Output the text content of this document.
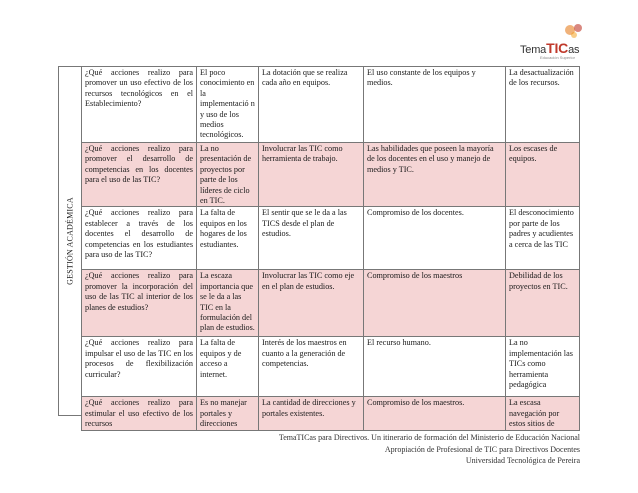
TemaTICas
Educación Superior
GESTIÓN ACADÉMICA
¿Qué acciones realizo para promover un uso efectivo de los recursos tecnológicos en el Establecimiento?	El poco conocimiento en la implementació n y uso de los medios tecnológicos.	La dotación que se realiza cada año en equipos.	El uso constante de los equipos y medios.	La desactualización de los recursos.
¿Qué acciones realizo para promover el desarrollo de competencias en los docentes para el uso de las TIC?	La no presentación de proyectos por parte de los líderes de ciclo en TIC.	Involucrar las TIC como herramienta de trabajo.	Las habilidades que poseen la mayoría de los docentes en el uso y manejo de medios y TIC.	Los escases de equipos.
¿Qué acciones realizo para establecer a través de los docentes el desarrollo de competencias en los estudiantes para uso de las TIC?	La falta de equipos en los hogares de los estudiantes.	El sentir que se le da a las TICS desde el plan de estudios.	Compromiso de los docentes.	El desconocimiento por parte de los padres y acudientes a cerca de las TIC
¿Qué acciones realizo para promover la incorporación del uso de las TIC al interior de los planes de estudios?	La escaza importancia que se le da a las TIC en la formulación del plan de estudios.	Involucrar las TIC como eje en el plan de estudios.	Compromiso de los maestros	Debilidad de los proyectos en TIC.
¿Qué acciones realizo para impulsar el uso de las TIC en los procesos de flexibilización curricular?	La falta de equipos y de acceso a internet.	Interés de los maestros en cuanto a la generación de competencias.	El recurso humano.	La no implementación las TICs como herramienta pedagógica
¿Qué acciones realizo para estimular el uso efectivo de los recursos	Es no manejar portales y direcciones	La cantidad de direcciones y portales existentes.	Compromiso de los maestros.	La escasa navegación por estos sitios de
TemaTICas para Directivos. Un itinerario de formación del Ministerio de Educación Nacional
Apropiación de Profesional de TIC para Directivos Docentes
Universidad Tecnológica de Pereira
